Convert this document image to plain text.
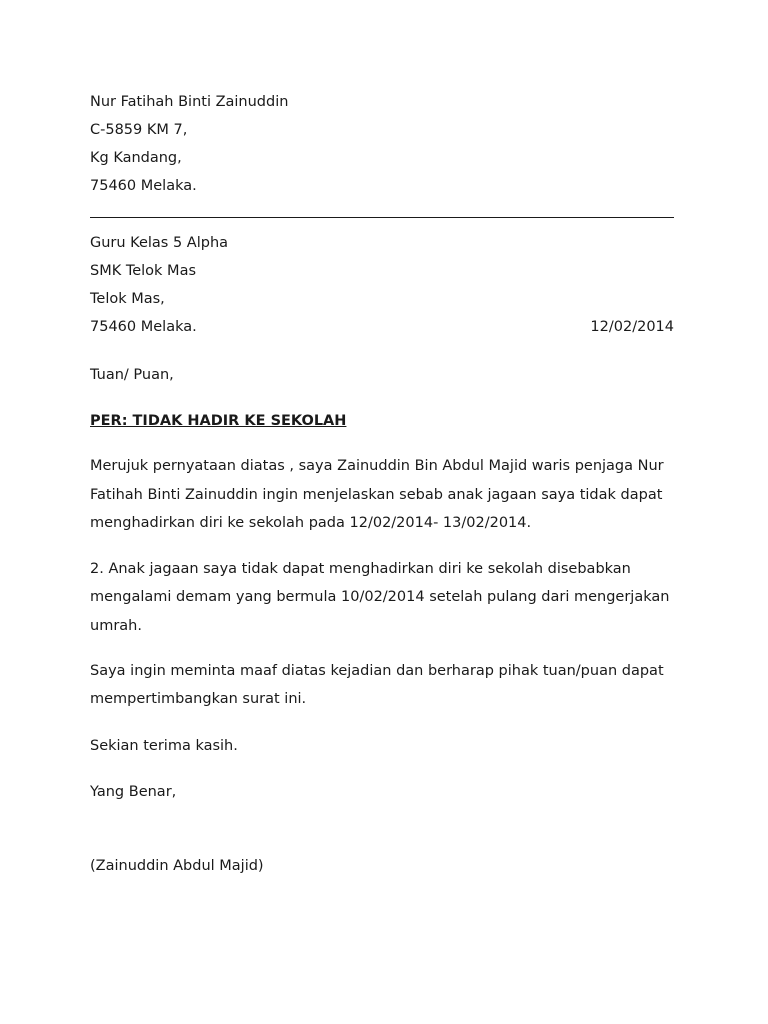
Nur Fatihah Binti Zainuddin
C-5859 KM 7,
Kg Kandang,
75460 Melaka.
Guru Kelas 5 Alpha
SMK Telok Mas
Telok Mas,
75460 Melaka.	12/02/2014
Tuan/ Puan,
PER: TIDAK HADIR KE SEKOLAH
Merujuk pernyataan diatas , saya Zainuddin Bin Abdul Majid waris penjaga Nur
Fatihah Binti Zainuddin ingin menjelaskan sebab anak jagaan saya tidak dapat
menghadirkan diri ke sekolah pada 12/02/2014- 13/02/2014.
2. Anak jagaan saya tidak dapat menghadirkan diri ke sekolah disebabkan
mengalami demam yang bermula 10/02/2014 setelah pulang dari mengerjakan
umrah.
Saya ingin meminta maaf diatas kejadian dan berharap pihak tuan/puan dapat
mempertimbangkan surat ini.
Sekian terima kasih.
Yang Benar,
(Zainuddin Abdul Majid)
